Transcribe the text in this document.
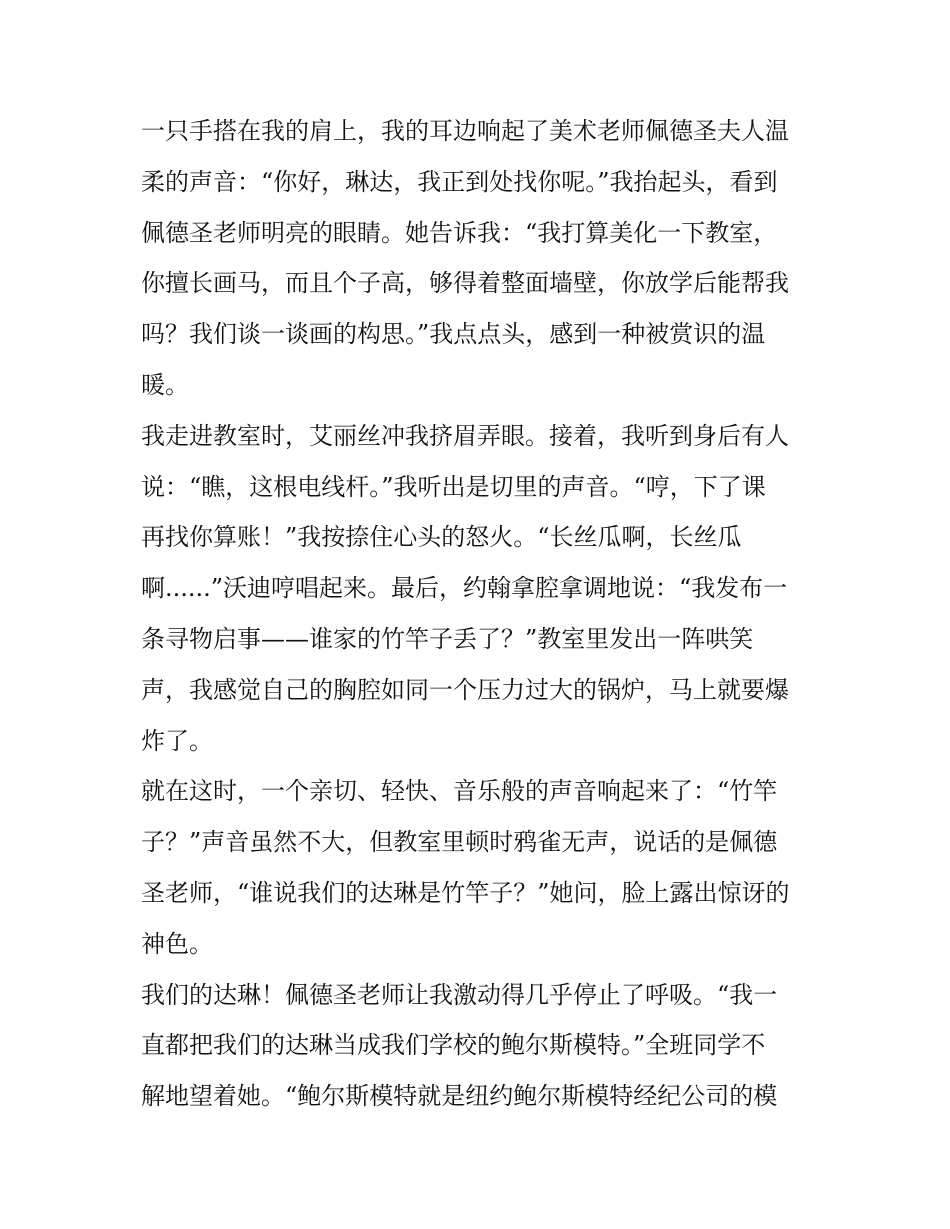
一只手搭在我的肩上，我的耳边响起了美术老师佩德圣夫人温
柔的声音：“你好，琳达，我正到处找你呢。”我抬起头，看到
佩德圣老师明亮的眼睛。她告诉我：“我打算美化一下教室，
你擅长画马，而且个子高，够得着整面墙壁，你放学后能帮我
吗？我们谈一谈画的构思。”我点点头，感到一种被赏识的温
暖。
我走进教室时，艾丽丝冲我挤眉弄眼。接着，我听到身后有人
说：“瞧，这根电线杆。”我听出是切里的声音。“哼，下了课
再找你算账！”我按捺住心头的怒火。“长丝瓜啊，长丝瓜
啊......”沃迪哼唱起来。最后，约翰拿腔拿调地说：“我发布一
条寻物启事——谁家的竹竿子丢了？”教室里发出一阵哄笑
声，我感觉自己的胸腔如同一个压力过大的锅炉，马上就要爆
炸了。
就在这时，一个亲切、轻快、音乐般的声音响起来了：“竹竿
子？”声音虽然不大，但教室里顿时鸦雀无声，说话的是佩德
圣老师，“谁说我们的达琳是竹竿子？”她问，脸上露出惊讶的
神色。
我们的达琳！佩德圣老师让我激动得几乎停止了呼吸。“我一
直都把我们的达琳当成我们学校的鲍尔斯模特。”全班同学不
解地望着她。“鲍尔斯模特就是纽约鲍尔斯模特经纪公司的模
